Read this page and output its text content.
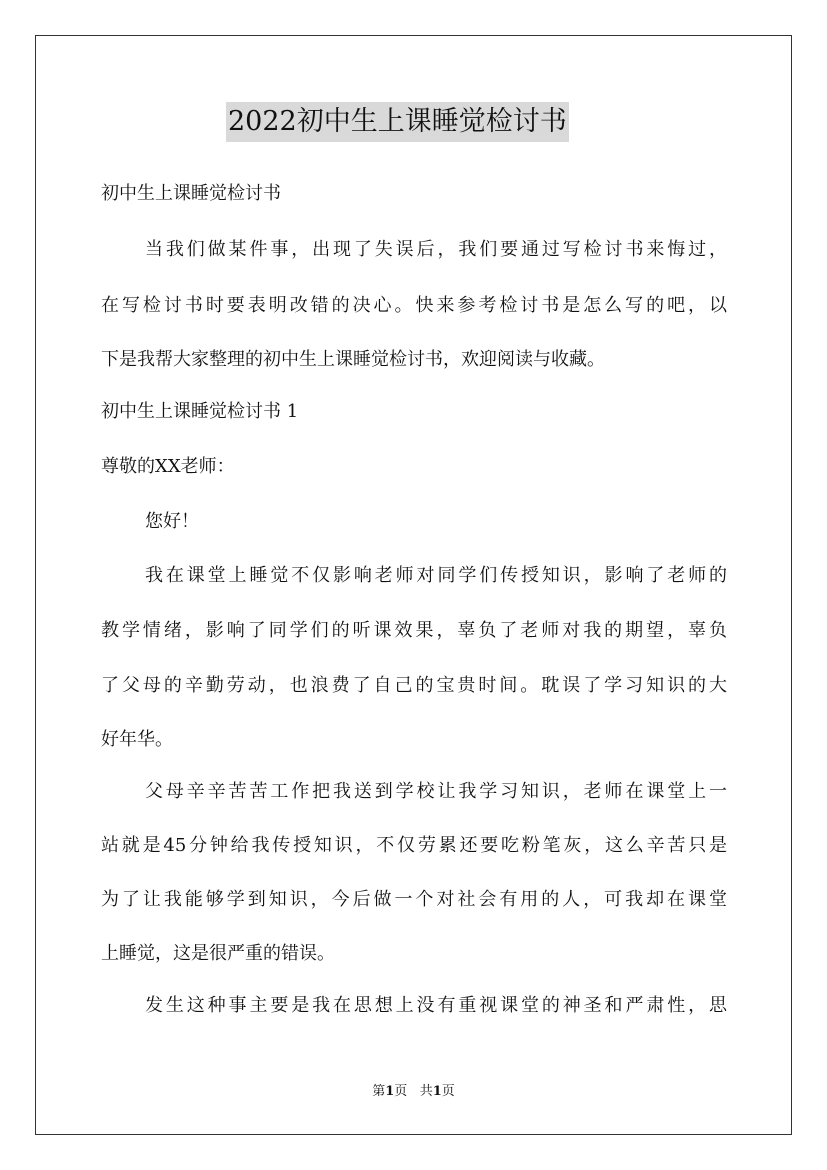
2022初中生上课睡觉检讨书
初中生上课睡觉检讨书
当我们做某件事，出现了失误后，我们要通过写检讨书来悔过，
在写检讨书时要表明改错的决心。快来参考检讨书是怎么写的吧，以
下是我帮大家整理的初中生上课睡觉检讨书，欢迎阅读与收藏。
初中生上课睡觉检讨书 1
尊敬的XX老师：
您好！
我在课堂上睡觉不仅影响老师对同学们传授知识，影响了老师的
教学情绪，影响了同学们的听课效果，辜负了老师对我的期望，辜负
了父母的辛勤劳动，也浪费了自己的宝贵时间。耽误了学习知识的大
好年华。
父母辛辛苦苦工作把我送到学校让我学习知识，老师在课堂上一
站就是45分钟给我传授知识，不仅劳累还要吃粉笔灰，这么辛苦只是
为了让我能够学到知识，今后做一个对社会有用的人，可我却在课堂
上睡觉，这是很严重的错误。
发生这种事主要是我在思想上没有重视课堂的神圣和严肃性，思
第1页 共1页
